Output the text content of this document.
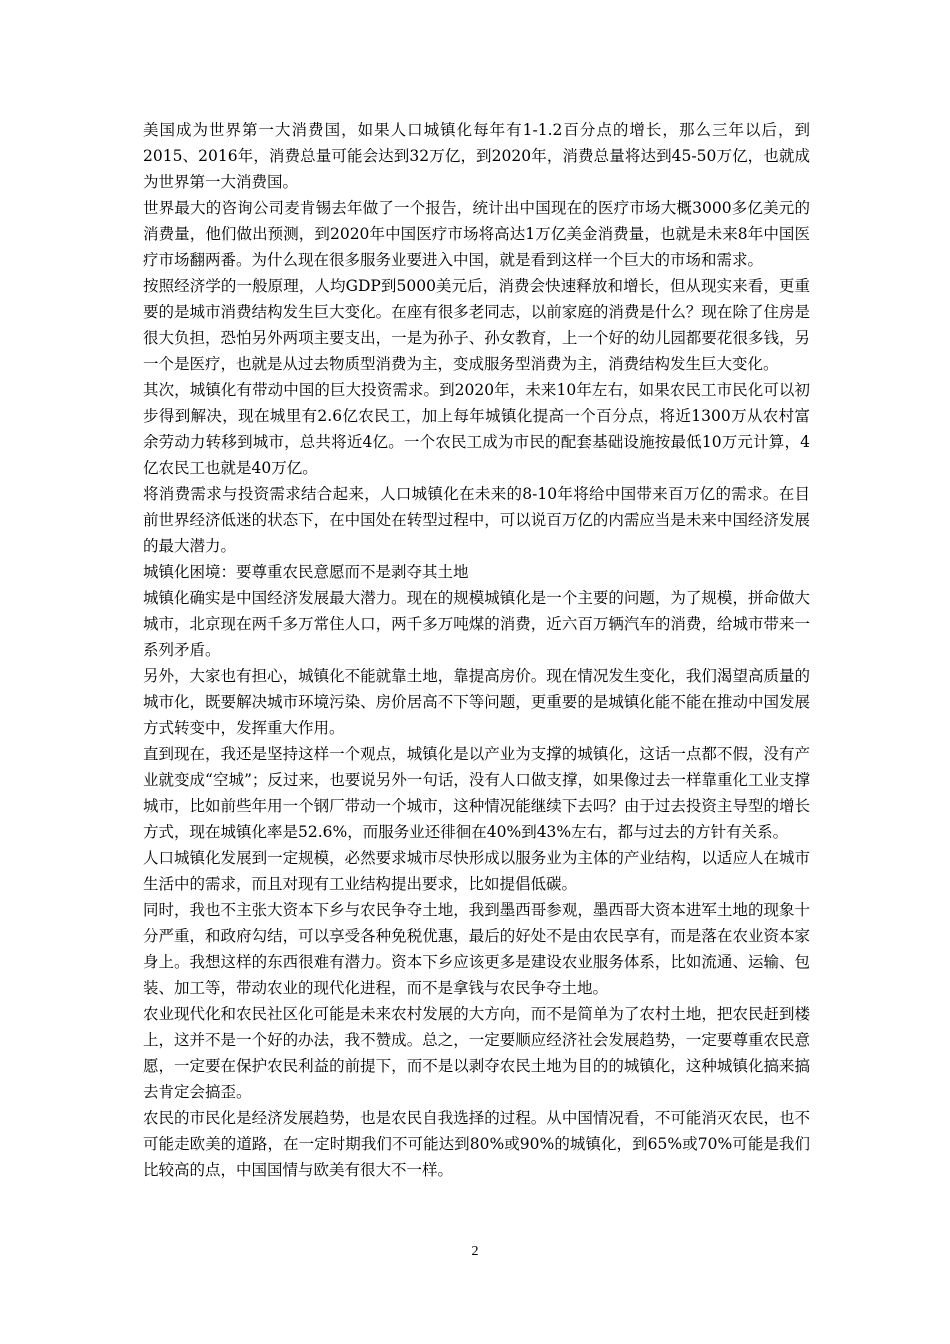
美国成为世界第一大消费国，如果人口城镇化每年有1-1.2百分点的增长，那么三年以后，到2015、2016年，消费总量可能会达到32万亿，到2020年，消费总量将达到45-50万亿，也就成为世界第一大消费国。

世界最大的咨询公司麦肯锡去年做了一个报告，统计出中国现在的医疗市场大概3000多亿美元的消费量，他们做出预测，到2020年中国医疗市场将高达1万亿美金消费量，也就是未来8年中国医疗市场翻两番。为什么现在很多服务业要进入中国，就是看到这样一个巨大的市场和需求。

按照经济学的一般原理，人均GDP到5000美元后，消费会快速释放和增长，但从现实来看，更重要的是城市消费结构发生巨大变化。在座有很多老同志，以前家庭的消费是什么？现在除了住房是很大负担，恐怕另外两项主要支出，一是为孙子、孙女教育，上一个好的幼儿园都要花很多钱，另一个是医疗，也就是从过去物质型消费为主，变成服务型消费为主，消费结构发生巨大变化。

其次，城镇化有带动中国的巨大投资需求。到2020年，未来10年左右，如果农民工市民化可以初步得到解决，现在城里有2.6亿农民工，加上每年城镇化提高一个百分点，将近1300万从农村富余劳动力转移到城市，总共将近4亿。一个农民工成为市民的配套基础设施按最低10万元计算，4亿农民工也就是40万亿。

将消费需求与投资需求结合起来，人口城镇化在未来的8-10年将给中国带来百万亿的需求。在目前世界经济低迷的状态下，在中国处在转型过程中，可以说百万亿的内需应当是未来中国经济发展的最大潜力。

城镇化困境：要尊重农民意愿而不是剥夺其土地

城镇化确实是中国经济发展最大潜力。现在的规模城镇化是一个主要的问题，为了规模，拼命做大城市，北京现在两千多万常住人口，两千多万吨煤的消费，近六百万辆汽车的消费，给城市带来一系列矛盾。

另外，大家也有担心，城镇化不能就靠土地，靠提高房价。现在情况发生变化，我们渴望高质量的城市化，既要解决城市环境污染、房价居高不下等问题，更重要的是城镇化能不能在推动中国发展方式转变中，发挥重大作用。

直到现在，我还是坚持这样一个观点，城镇化是以产业为支撑的城镇化，这话一点都不假，没有产业就变成“空城”；反过来，也要说另外一句话，没有人口做支撑，如果像过去一样靠重化工业支撑城市，比如前些年用一个钢厂带动一个城市，这种情况能继续下去吗？由于过去投资主导型的增长方式，现在城镇化率是52.6%，而服务业还徘徊在40%到43%左右，都与过去的方针有关系。

人口城镇化发展到一定规模，必然要求城市尽快形成以服务业为主体的产业结构，以适应人在城市生活中的需求，而且对现有工业结构提出要求，比如提倡低碳。

同时，我也不主张大资本下乡与农民争夺土地，我到墨西哥参观，墨西哥大资本进军土地的现象十分严重，和政府勾结，可以享受各种免税优惠，最后的好处不是由农民享有，而是落在农业资本家身上。我想这样的东西很难有潜力。资本下乡应该更多是建设农业服务体系，比如流通、运输、包装、加工等，带动农业的现代化进程，而不是拿钱与农民争夺土地。

农业现代化和农民社区化可能是未来农村发展的大方向，而不是简单为了农村土地，把农民赶到楼上，这并不是一个好的办法，我不赞成。总之，一定要顺应经济社会发展趋势，一定要尊重农民意愿，一定要在保护农民利益的前提下，而不是以剥夺农民土地为目的的城镇化，这种城镇化搞来搞去肯定会搞歪。

农民的市民化是经济发展趋势，也是农民自我选择的过程。从中国情况看，不可能消灭农民，也不可能走欧美的道路，在一定时期我们不可能达到80%或90%的城镇化，到65%或70%可能是我们比较高的点，中国国情与欧美有很大不一样。

2
